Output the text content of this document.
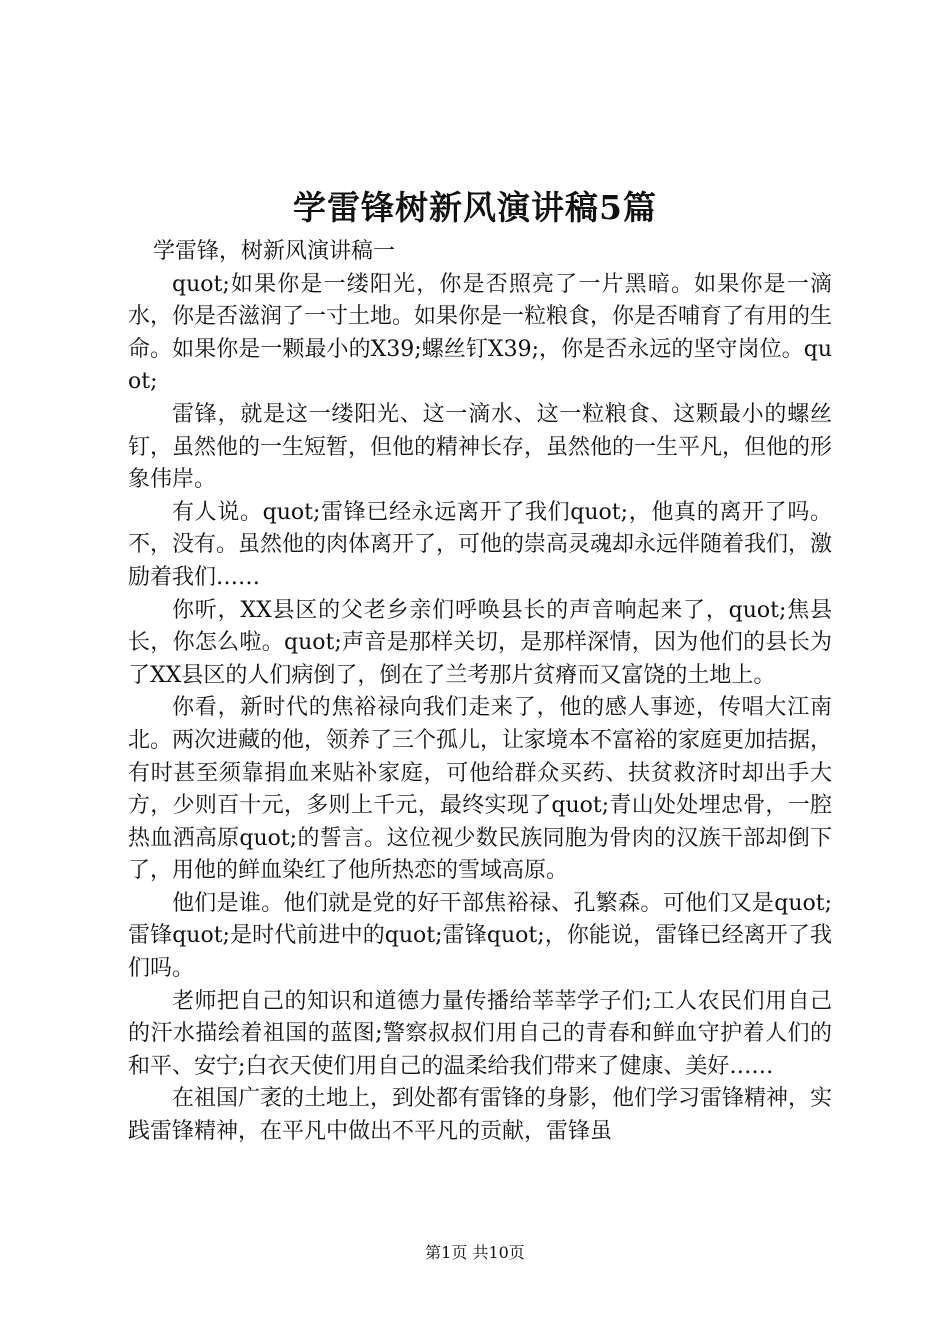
学雷锋树新风演讲稿5篇

学雷锋，树新风演讲稿一

quot;如果你是一缕阳光，你是否照亮了一片黑暗。如果你是一滴水，你是否滋润了一寸土地。如果你是一粒粮食，你是否哺育了有用的生命。如果你是一颗最小的X39;螺丝钉X39;，你是否永远的坚守岗位。quot;

雷锋，就是这一缕阳光、这一滴水、这一粒粮食、这颗最小的螺丝钉，虽然他的一生短暂，但他的精神长存，虽然他的一生平凡，但他的形象伟岸。

有人说。quot;雷锋已经永远离开了我们quot;，他真的离开了吗。不，没有。虽然他的肉体离开了，可他的崇高灵魂却永远伴随着我们，激励着我们……

你听，XX县区的父老乡亲们呼唤县长的声音响起来了，quot;焦县长，你怎么啦。quot;声音是那样关切，是那样深情，因为他们的县长为了XX县区的人们病倒了，倒在了兰考那片贫瘠而又富饶的土地上。

你看，新时代的焦裕禄向我们走来了，他的感人事迹，传唱大江南北。两次进藏的他，领养了三个孤儿，让家境本不富裕的家庭更加拮据，有时甚至须靠捐血来贴补家庭，可他给群众买药、扶贫救济时却出手大方，少则百十元，多则上千元，最终实现了quot;青山处处埋忠骨，一腔热血洒高原quot;的誓言。这位视少数民族同胞为骨肉的汉族干部却倒下了，用他的鲜血染红了他所热恋的雪域高原。

他们是谁。他们就是党的好干部焦裕禄、孔繁森。可他们又是quot;雷锋quot;是时代前进中的quot;雷锋quot;，你能说，雷锋已经离开了我们吗。

老师把自己的知识和道德力量传播给莘莘学子们;工人农民们用自己的汗水描绘着祖国的蓝图;警察叔叔们用自己的青春和鲜血守护着人们的和平、安宁;白衣天使们用自己的温柔给我们带来了健康、美好……

在祖国广袤的土地上，到处都有雷锋的身影，他们学习雷锋精神，实践雷锋精神，在平凡中做出不平凡的贡献，雷锋虽

第1页 共10页
